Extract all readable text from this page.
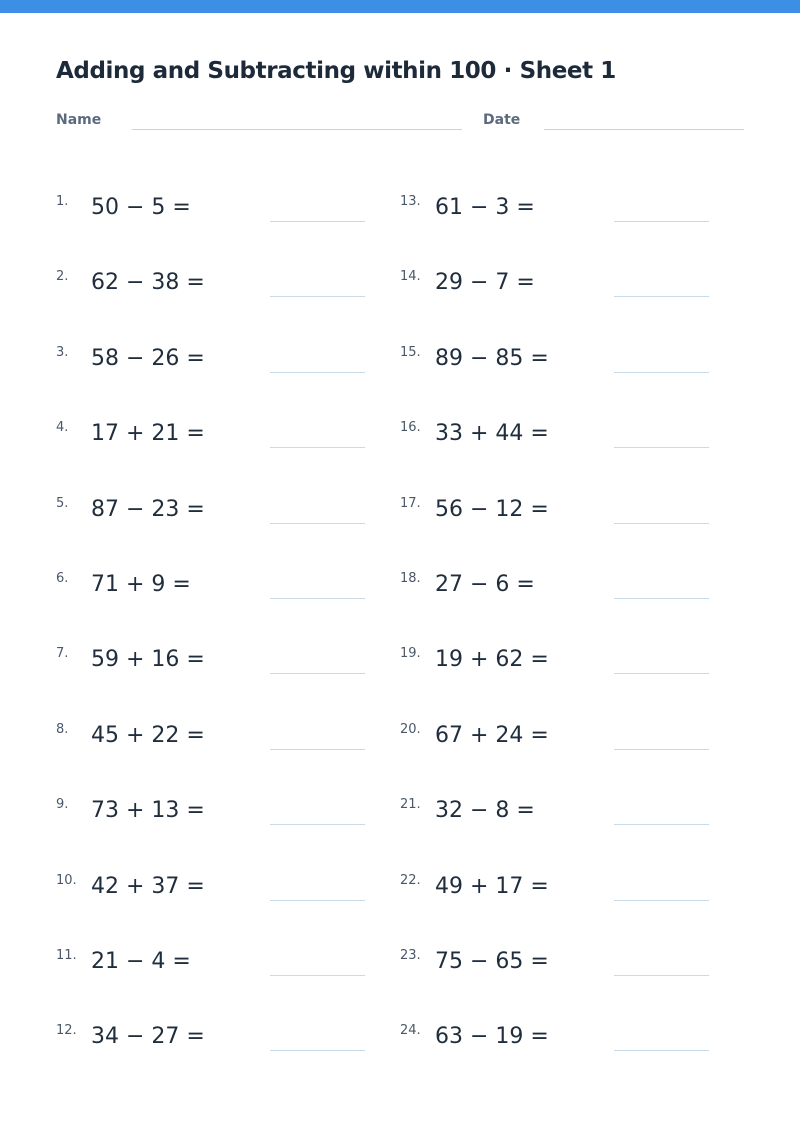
Adding and Subtracting within 100 · Sheet 1
Name	Date
1. 50 − 5 =
2. 62 − 38 =
3. 58 − 26 =
4. 17 + 21 =
5. 87 − 23 =
6. 71 + 9 =
7. 59 + 16 =
8. 45 + 22 =
9. 73 + 13 =
10. 42 + 37 =
11. 21 − 4 =
12. 34 − 27 =
13. 61 − 3 =
14. 29 − 7 =
15. 89 − 85 =
16. 33 + 44 =
17. 56 − 12 =
18. 27 − 6 =
19. 19 + 62 =
20. 67 + 24 =
21. 32 − 8 =
22. 49 + 17 =
23. 75 − 65 =
24. 63 − 19 =
